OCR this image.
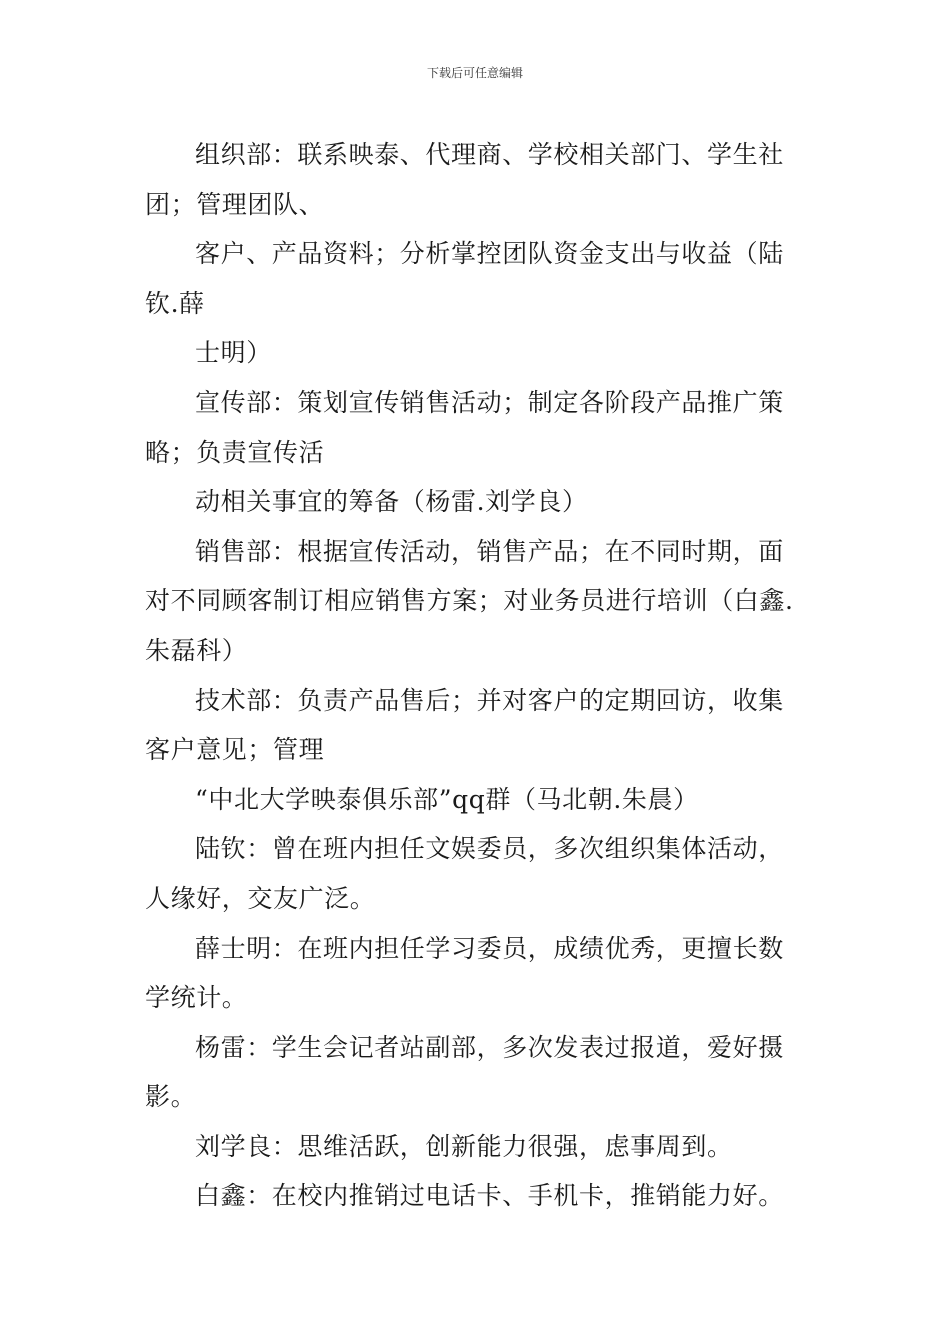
下载后可任意编辑
组织部：联系映泰、代理商、学校相关部门、学生社
团；管理团队、
客户、产品资料；分析掌控团队资金支出与收益（陆
钦.薛
士明）
宣传部：策划宣传销售活动；制定各阶段产品推广策
略；负责宣传活
动相关事宜的筹备（杨雷.刘学良）
销售部：根据宣传活动，销售产品；在不同时期，面
对不同顾客制订相应销售方案；对业务员进行培训（白鑫.
朱磊科）
技术部：负责产品售后；并对客户的定期回访，收集
客户意见；管理
“中北大学映泰俱乐部”qq群（马北朝.朱晨）
陆钦：曾在班内担任文娱委员，多次组织集体活动，
人缘好，交友广泛。
薛士明：在班内担任学习委员，成绩优秀，更擅长数
学统计。
杨雷：学生会记者站副部，多次发表过报道，爱好摄
影。
刘学良：思维活跃，创新能力很强，虑事周到。
白鑫：在校内推销过电话卡、手机卡，推销能力好。
